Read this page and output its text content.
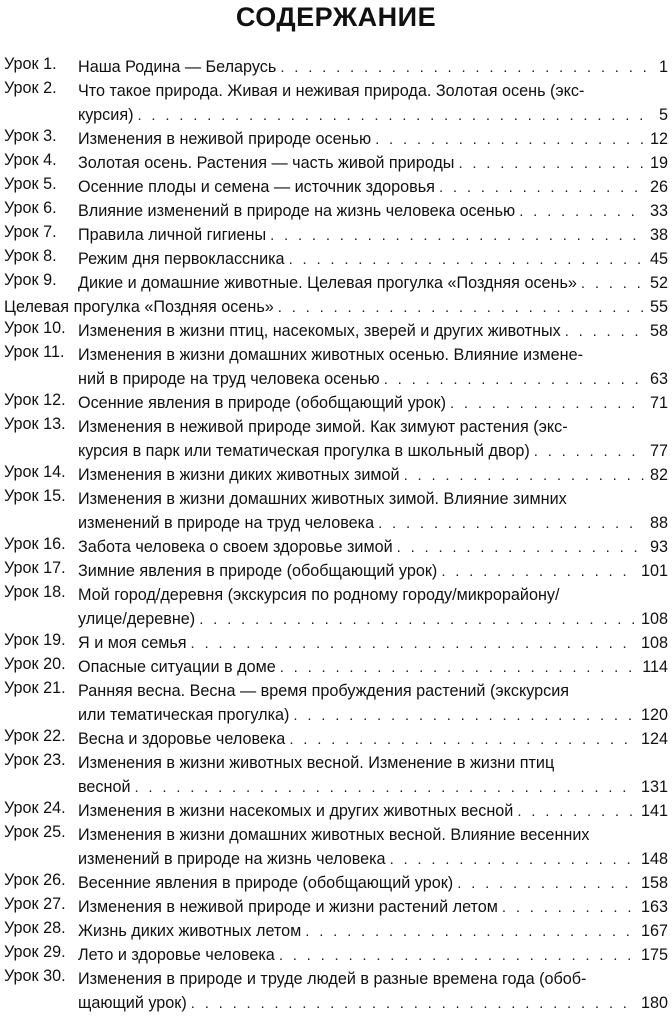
СОДЕРЖАНИЕ
Урок 1. Наша Родина — Беларусь . . .	1
Урок 2. Что такое природа. Живая и неживая природа. Золотая осень (экс-
курсия) . . .	5
Урок 3. Изменения в неживой природе осенью . . .	12
Урок 4. Золотая осень. Растения — часть живой природы . . .	19
Урок 5. Осенние плоды и семена — источник здоровья . . .	26
Урок 6. Влияние изменений в природе на жизнь человека осенью . . .	33
Урок 7. Правила личной гигиены . . .	38
Урок 8. Режим дня первоклассника . . .	45
Урок 9. Дикие и домашние животные. Целевая прогулка «Поздняя осень» . . .	52
Целевая прогулка «Поздняя осень» . . .	55
Урок 10. Изменения в жизни птиц, насекомых, зверей и других животных . . .	58
Урок 11. Изменения в жизни домашних животных осенью. Влияние измене-
ний в природе на труд человека осенью . . .	63
Урок 12. Осенние явления в природе (обобщающий урок) . . .	71
Урок 13. Изменения в неживой природе зимой. Как зимуют растения (экс-
курсия в парк или тематическая прогулка в школьный двор) . . .	77
Урок 14. Изменения в жизни диких животных зимой . . .	82
Урок 15. Изменения в жизни домашних животных зимой. Влияние зимних
изменений в природе на труд человека . . .	88
Урок 16. Забота человека о своем здоровье зимой . . .	93
Урок 17. Зимние явления в природе (обобщающий урок) . . .	101
Урок 18. Мой город/деревня (экскурсия по родному городу/микрорайону/
улице/деревне) . . .	108
Урок 19. Я и моя семья . . .	108
Урок 20. Опасные ситуации в доме . . .	114
Урок 21. Ранняя весна. Весна — время пробуждения растений (экскурсия
или тематическая прогулка) . . .	120
Урок 22. Весна и здоровье человека . . .	124
Урок 23. Изменения в жизни животных весной. Изменение в жизни птиц
весной . . .	131
Урок 24. Изменения в жизни насекомых и других животных весной . . .	141
Урок 25. Изменения в жизни домашних животных весной. Влияние весенних
изменений в природе на жизнь человека . . .	148
Урок 26. Весенние явления в природе (обобщающий урок) . . .	158
Урок 27. Изменения в неживой природе и жизни растений летом . . .	163
Урок 28. Жизнь диких животных летом . . .	167
Урок 29. Лето и здоровье человека . . .	175
Урок 30. Изменения в природе и труде людей в разные времена года (обоб-
щающий урок) . . .	180
